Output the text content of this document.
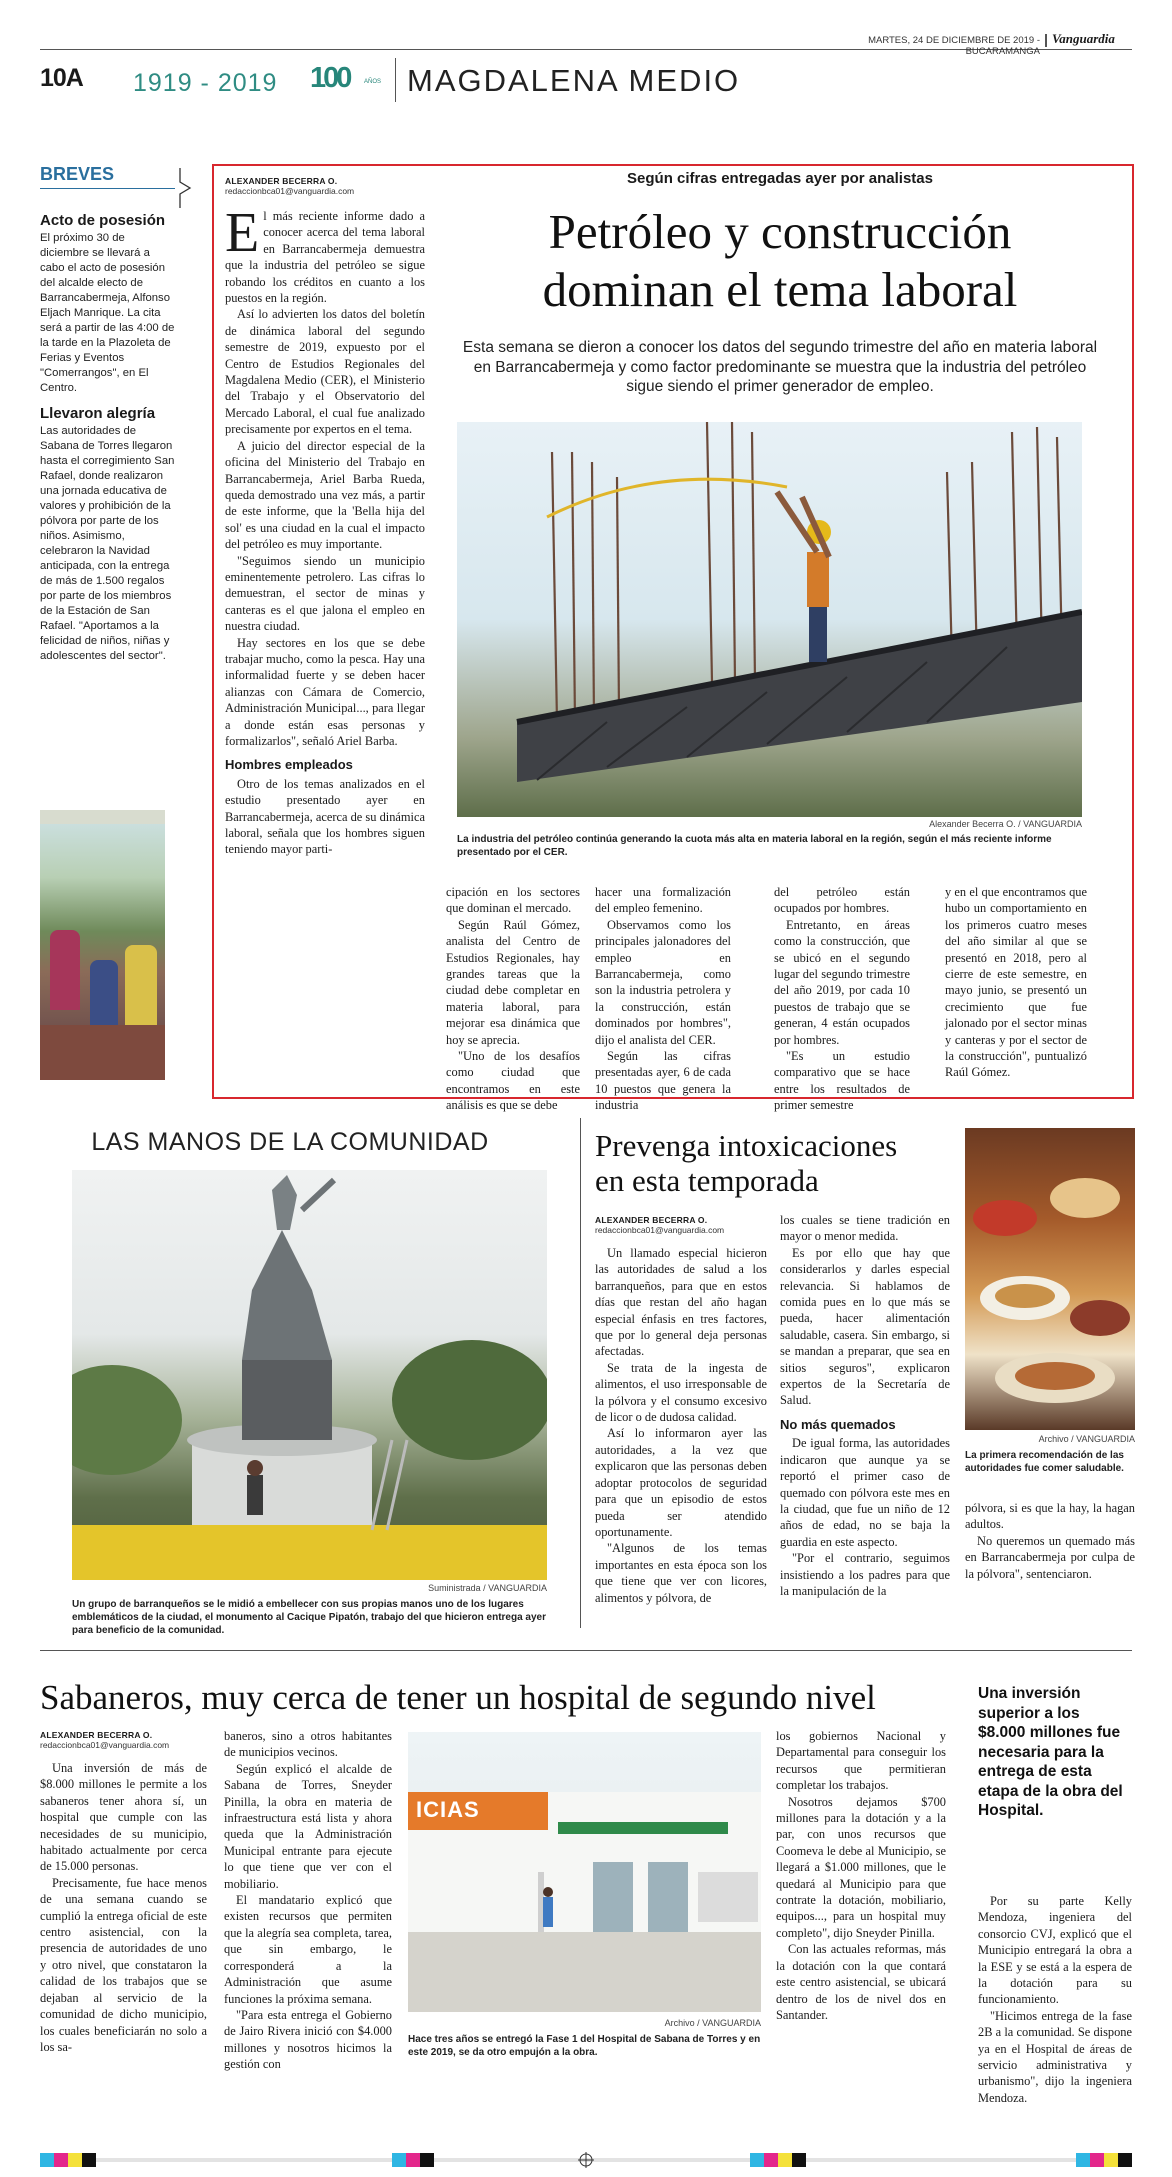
MARTES, 24 DE DICIEMBRE DE 2019 - BUCARAMANGA
Vanguardia
10A 1919 - 2019 100 AÑOS MAGDALENA MEDIO
BREVES
Acto de posesión
El próximo 30 de diciembre se llevará a cabo el acto de posesión del alcalde electo de Barrancabermeja, Alfonso Eljach Manrique. La cita será a partir de las 4:00 de la tarde en la Plazoleta de Ferias y Eventos "Comerrangos", en El Centro.
Llevaron alegría
Las autoridades de Sabana de Torres llegaron hasta el corregimiento San Rafael, donde realizaron una jornada educativa de valores y prohibición de la pólvora por parte de los niños. Asimismo, celebraron la Navidad anticipada, con la entrega de más de 1.500 regalos por parte de los miembros de la Estación de San Rafael. "Aportamos a la felicidad de niños, niñas y adolescentes del sector".
ALEXANDER BECERRA O.
redaccionbca01@vanguardia.com
Según cifras entregadas ayer por analistas
Petróleo y construcción
dominan el tema laboral
Esta semana se dieron a conocer los datos del segundo trimestre del año en materia laboral en Barrancabermeja y como factor predominante se muestra que la industria del petróleo sigue siendo el primer generador de empleo.

El más reciente informe dado a conocer acerca del tema laboral en Barrancabermeja demuestra que la industria del petróleo se sigue robando los créditos en cuanto a los puestos en la región.

Así lo advierten los datos del boletín de dinámica laboral del segundo semestre de 2019, expuesto por el Centro de Estudios Regionales del Magdalena Medio (CER), el Ministerio del Trabajo y el Observatorio del Mercado Laboral, el cual fue analizado precisamente por expertos en el tema.

A juicio del director especial de la oficina del Ministerio del Trabajo en Barrancabermeja, Ariel Barba Rueda, queda demostrado una vez más, a partir de este informe, que la 'Bella hija del sol' es una ciudad en la cual el impacto del petróleo es muy importante.

"Seguimos siendo un municipio eminentemente petrolero. Las cifras lo demuestran, el sector de minas y canteras es el que jalona el empleo en nuestra ciudad.

Hay sectores en los que se debe trabajar mucho, como la pesca. Hay una informalidad fuerte y se deben hacer alianzas con Cámara de Comercio, Administración Municipal..., para llegar a donde están esas personas y formalizarlos", señaló Ariel Barba.

Hombres empleados

Otro de los temas analizados en el estudio presentado ayer en Barrancabermeja, acerca de su dinámica laboral, señala que los hombres siguen teniendo mayor parti-

Alexander Becerra O. / VANGUARDIA
La industria del petróleo continúa generando la cuota más alta en materia laboral en la región, según el más reciente informe presentado por el CER.

cipación en los sectores que dominan el mercado.

Según Raúl Gómez, analista del Centro de Estudios Regionales, hay grandes tareas que la ciudad debe completar en materia laboral, para mejorar esa dinámica que hoy se aprecia.

"Uno de los desafíos como ciudad que encontramos en este análisis es que se debe

hacer una formalización del empleo femenino.

Observamos como los principales jalonadores del empleo en Barrancabermeja, como son la industria petrolera y la construcción, están dominados por hombres", dijo el analista del CER.

Según las cifras presentadas ayer, 6 de cada 10 puestos que genera la industria

del petróleo están ocupados por hombres.

Entretanto, en áreas como la construcción, que se ubicó en el segundo lugar del segundo trimestre del año 2019, por cada 10 puestos de trabajo que se generan, 4 están ocupados por hombres.

"Es un estudio comparativo que se hace entre los resultados de primer semestre

y en el que encontramos que hubo un comportamiento en los primeros cuatro meses del año similar al que se presentó en 2018, pero al cierre de este semestre, en mayo junio, se presentó un crecimiento que fue jalonado por el sector minas y canteras y por el sector de la construcción", puntualizó Raúl Gómez.

LAS MANOS DE LA COMUNIDAD
Suministrada / VANGUARDIA
Un grupo de barranqueños se le midió a embellecer con sus propias manos uno de los lugares emblemáticos de la ciudad, el monumento al Cacique Pipatón, trabajo del que hicieron entrega ayer para beneficio de la comunidad.
Prevenga intoxicaciones
en esta temporada
ALEXANDER BECERRA O.
redaccionbca01@vanguardia.com

Un llamado especial hicieron las autoridades de salud a los barranqueños, para que en estos días que restan del año hagan especial énfasis en tres factores, que por lo general deja personas afectadas.

Se trata de la ingesta de alimentos, el uso irresponsable de la pólvora y el consumo excesivo de licor o de dudosa calidad.

Así lo informaron ayer las autoridades, a la vez que explicaron que las personas deben adoptar protocolos de seguridad para que un episodio de estos pueda ser atendido oportunamente.

"Algunos de los temas importantes en esta época son los que tiene que ver con licores, alimentos y pólvora, de

los cuales se tiene tradición en mayor o menor medida.

Es por ello que hay que considerarlos y darles especial relevancia. Si hablamos de comida pues en lo que más se pueda, hacer alimentación saludable, casera. Sin embargo, si se mandan a preparar, que sea en sitios seguros", explicaron expertos de la Secretaría de Salud.

No más quemados

De igual forma, las autoridades indicaron que aunque ya se reportó el primer caso de quemado con pólvora este mes en la ciudad, que fue un niño de 12 años de edad, no se baja la guardia en este aspecto.

"Por el contrario, seguimos insistiendo a los padres para que la manipulación de la

Archivo / VANGUARDIA
La primera recomendación de las autoridades fue comer saludable.

pólvora, si es que la hay, la hagan adultos.

No queremos un quemado más en Barrancabermeja por culpa de la pólvora", sentenciaron.

Sabaneros, muy cerca de tener un hospital de segundo nivel
ALEXANDER BECERRA O.
redaccionbca01@vanguardia.com

Una inversión de más de $8.000 millones le permite a los sabaneros tener ahora sí, un hospital que cumple con las necesidades de su municipio, habitado actualmente por cerca de 15.000 personas.

Precisamente, fue hace menos de una semana cuando se cumplió la entrega oficial de este centro asistencial, con la presencia de autoridades de uno y otro nivel, que constataron la calidad de los trabajos que se dejaban al servicio de la comunidad de dicho municipio, los cuales beneficiarán no solo a los sa-

baneros, sino a otros habitantes de municipios vecinos.

Según explicó el alcalde de Sabana de Torres, Sneyder Pinilla, la obra en materia de infraestructura está lista y ahora queda que la Administración Municipal entrante para ejecute lo que tiene que ver con el mobiliario.

El mandatario explicó que existen recursos que permiten que la alegría sea completa, tarea, que sin embargo, le corresponderá a la Administración que asume funciones la próxima semana.

"Para esta entrega el Gobierno de Jairo Rivera inició con $4.000 millones y nosotros hicimos la gestión con

ICIAS
Archivo / VANGUARDIA
Hace tres años se entregó la Fase 1 del Hospital de Sabana de Torres y en este 2019, se da otro empujón a la obra.

los gobiernos Nacional y Departamental para conseguir los recursos que permitieran completar los trabajos.

Nosotros dejamos $700 millones para la dotación y a la par, con unos recursos que Coomeva le debe al Municipio, se llegará a $1.000 millones, que le quedará al Municipio para que contrate la dotación, mobiliario, equipos..., para un hospital muy completo", dijo Sneyder Pinilla.

Con las actuales reformas, más la dotación con la que contará este centro asistencial, se ubicará dentro de los de nivel dos en Santander.

Una inversión superior a los $8.000 millones fue necesaria para la entrega de esta etapa de la obra del Hospital.

Por su parte Kelly Mendoza, ingeniera del consorcio CVJ, explicó que el Municipio entregará la obra a la ESE y se está a la espera de la dotación para su funcionamiento.

"Hicimos entrega de la fase 2B a la comunidad. Se dispone ya en el Hospital de áreas de servicio administrativa y urbanismo", dijo la ingeniera Mendoza.
